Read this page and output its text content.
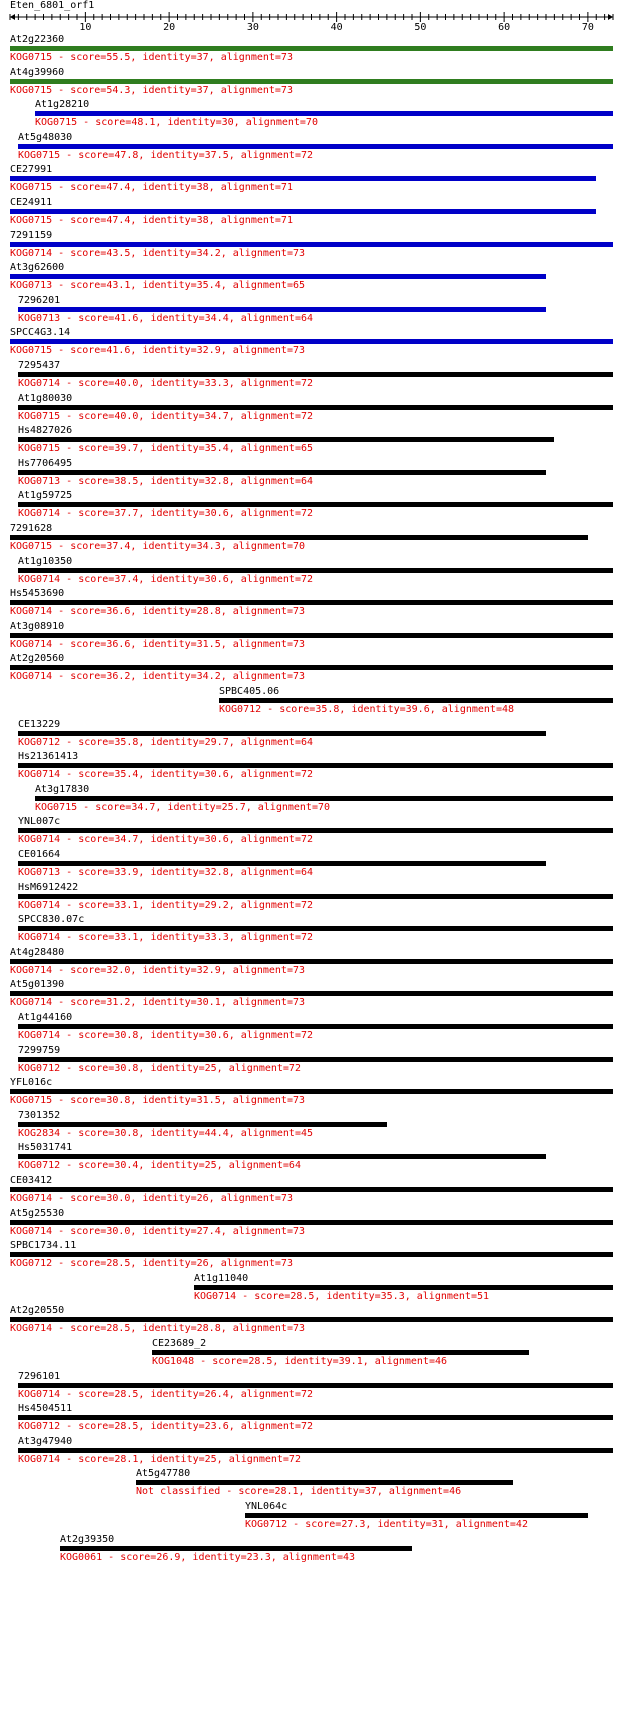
Eten_6801_orf1
10	20	30	40	50	60	70
At2g22360
KOG0715 - score=55.5, identity=37, alignment=73
At4g39960
KOG0715 - score=54.3, identity=37, alignment=73
At1g28210
KOG0715 - score=48.1, identity=30, alignment=70
At5g48030
KOG0715 - score=47.8, identity=37.5, alignment=72
CE27991
KOG0715 - score=47.4, identity=38, alignment=71
CE24911
KOG0715 - score=47.4, identity=38, alignment=71
7291159
KOG0714 - score=43.5, identity=34.2, alignment=73
At3g62600
KOG0713 - score=43.1, identity=35.4, alignment=65
7296201
KOG0713 - score=41.6, identity=34.4, alignment=64
SPCC4G3.14
KOG0715 - score=41.6, identity=32.9, alignment=73
7295437
KOG0714 - score=40.0, identity=33.3, alignment=72
At1g80030
KOG0715 - score=40.0, identity=34.7, alignment=72
Hs4827026
KOG0715 - score=39.7, identity=35.4, alignment=65
Hs7706495
KOG0713 - score=38.5, identity=32.8, alignment=64
At1g59725
KOG0714 - score=37.7, identity=30.6, alignment=72
7291628
KOG0715 - score=37.4, identity=34.3, alignment=70
At1g10350
KOG0714 - score=37.4, identity=30.6, alignment=72
Hs5453690
KOG0714 - score=36.6, identity=28.8, alignment=73
At3g08910
KOG0714 - score=36.6, identity=31.5, alignment=73
At2g20560
KOG0714 - score=36.2, identity=34.2, alignment=73
SPBC405.06
KOG0712 - score=35.8, identity=39.6, alignment=48
CE13229
KOG0712 - score=35.8, identity=29.7, alignment=64
Hs21361413
KOG0714 - score=35.4, identity=30.6, alignment=72
At3g17830
KOG0715 - score=34.7, identity=25.7, alignment=70
YNL007c
KOG0714 - score=34.7, identity=30.6, alignment=72
CE01664
KOG0713 - score=33.9, identity=32.8, alignment=64
HsM6912422
KOG0714 - score=33.1, identity=29.2, alignment=72
SPCC830.07c
KOG0714 - score=33.1, identity=33.3, alignment=72
At4g28480
KOG0714 - score=32.0, identity=32.9, alignment=73
At5g01390
KOG0714 - score=31.2, identity=30.1, alignment=73
At1g44160
KOG0714 - score=30.8, identity=30.6, alignment=72
7299759
KOG0712 - score=30.8, identity=25, alignment=72
YFL016c
KOG0715 - score=30.8, identity=31.5, alignment=73
7301352
KOG2834 - score=30.8, identity=44.4, alignment=45
Hs5031741
KOG0712 - score=30.4, identity=25, alignment=64
CE03412
KOG0714 - score=30.0, identity=26, alignment=73
At5g25530
KOG0714 - score=30.0, identity=27.4, alignment=73
SPBC1734.11
KOG0712 - score=28.5, identity=26, alignment=73
At1g11040
KOG0714 - score=28.5, identity=35.3, alignment=51
At2g20550
KOG0714 - score=28.5, identity=28.8, alignment=73
CE23689_2
KOG1048 - score=28.5, identity=39.1, alignment=46
7296101
KOG0714 - score=28.5, identity=26.4, alignment=72
Hs4504511
KOG0712 - score=28.5, identity=23.6, alignment=72
At3g47940
KOG0714 - score=28.1, identity=25, alignment=72
At5g47780
Not classified - score=28.1, identity=37, alignment=46
YNL064c
KOG0712 - score=27.3, identity=31, alignment=42
At2g39350
KOG0061 - score=26.9, identity=23.3, alignment=43
